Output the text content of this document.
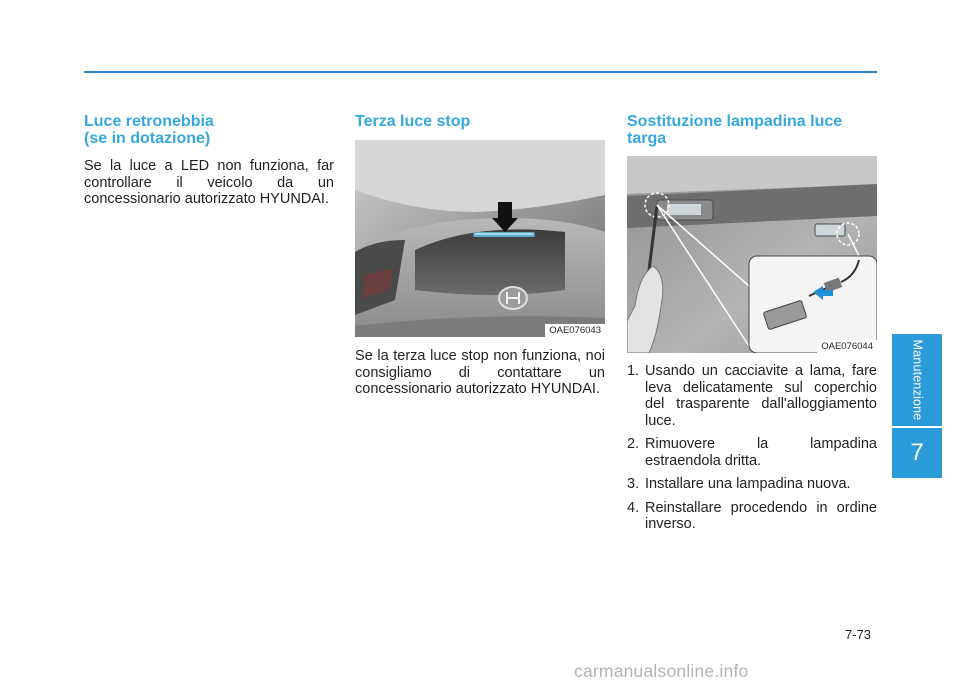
Luce retronebbia
(se in dotazione)

Se la luce a LED non funziona, far controllare il veicolo da un concessionario autorizzato HYUNDAI.

Terza luce stop
OAE076043

Se la terza luce stop non funziona, noi consigliamo di contattare un concessionario autorizzato HYUNDAI.

Sostituzione lampadina luce
targa
OAE076044
1. Usando un cacciavite a lama, fare leva delicatamente sul coperchio del trasparente dall'alloggiamento luce.
2. Rimuovere la lampadina estraendola dritta.
3. Installare una lampadina nuova.
4. Reinstallare procedendo in ordine inverso.
Manutenzione
7
7-73
carmanualsonline.info
